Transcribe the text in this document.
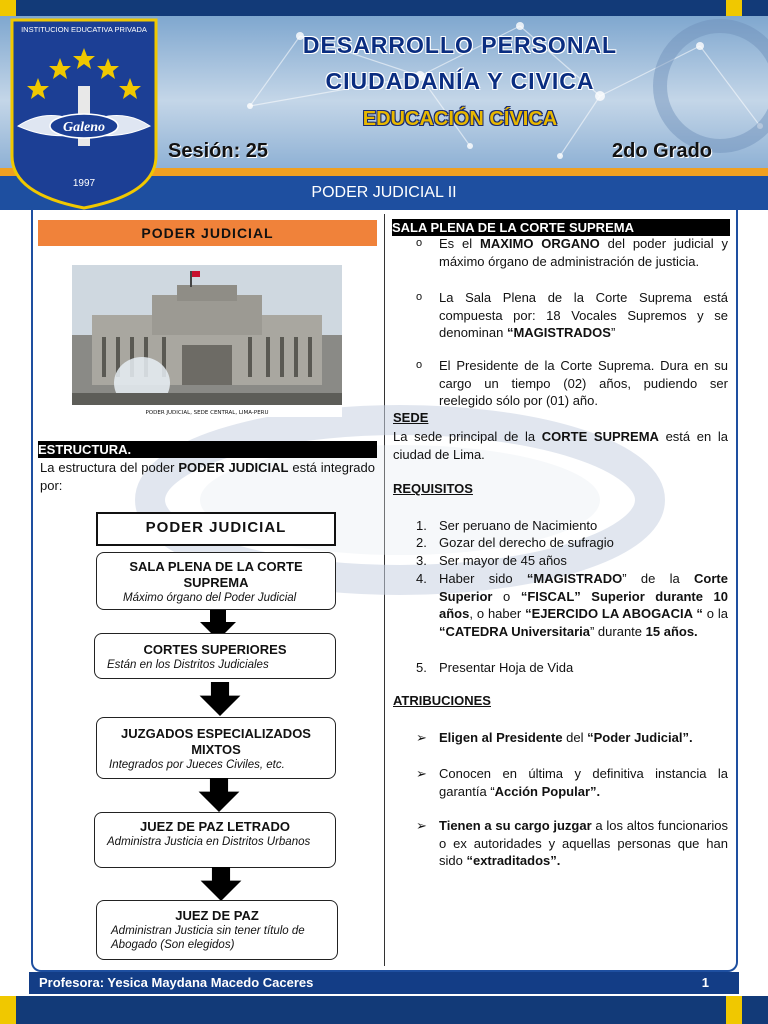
DESARROLLO PERSONAL
CIUDADANÍA Y CIVICA
EDUCACIÓN CÍVICA
Sesión: 25	2do Grado
PODER JUDICIAL II
INSTITUCION EDUCATIVA PRIVADA
Galeno
1997
PODER JUDICIAL
PODER JUDICIAL, SEDE CENTRAL, LIMA-PERU
ESTRUCTURA.
La estructura del poder PODER JUDICIAL está integrado por:
PODER JUDICIAL
SALA PLENA DE LA CORTE SUPREMA
Máximo órgano del Poder Judicial
CORTES SUPERIORES
Están en los Distritos Judiciales
JUZGADOS ESPECIALIZADOS MIXTOS
Integrados por Jueces Civiles, etc.
JUEZ DE PAZ LETRADO
Administra Justicia en Distritos Urbanos
JUEZ DE PAZ
Administran Justicia sin tener título de Abogado (Son elegidos)
SALA PLENA DE LA CORTE SUPREMA
o Es el MAXIMO ORGANO del poder judicial y máximo órgano de administración de justicia.
o La Sala Plena de la Corte Suprema está compuesta por: 18 Vocales Supremos y se denominan “MAGISTRADOS”
o El Presidente de la Corte Suprema. Dura en su cargo un tiempo (02) años, pudiendo ser reelegido sólo por (01) año.
SEDE
La sede principal de la CORTE SUPREMA está en la ciudad de Lima.
REQUISITOS
1. Ser peruano de Nacimiento
2. Gozar del derecho de sufragio
3. Ser mayor de 45 años
4. Haber sido “MAGISTRADO” de la Corte Superior o “FISCAL” Superior durante 10 años, o haber “EJERCIDO LA ABOGACIA “ o la “CATEDRA Universitaria” durante 15 años.
5. Presentar Hoja de Vida
ATRIBUCIONES
➢ Eligen al Presidente del “Poder Judicial”.
➢ Conocen en última y definitiva instancia la garantía “Acción Popular”.
➢ Tienen a su cargo juzgar a los altos funcionarios o ex autoridades y aquellas personas que han sido “extraditados”.
Profesora: Yesica Maydana Macedo Caceres	1
